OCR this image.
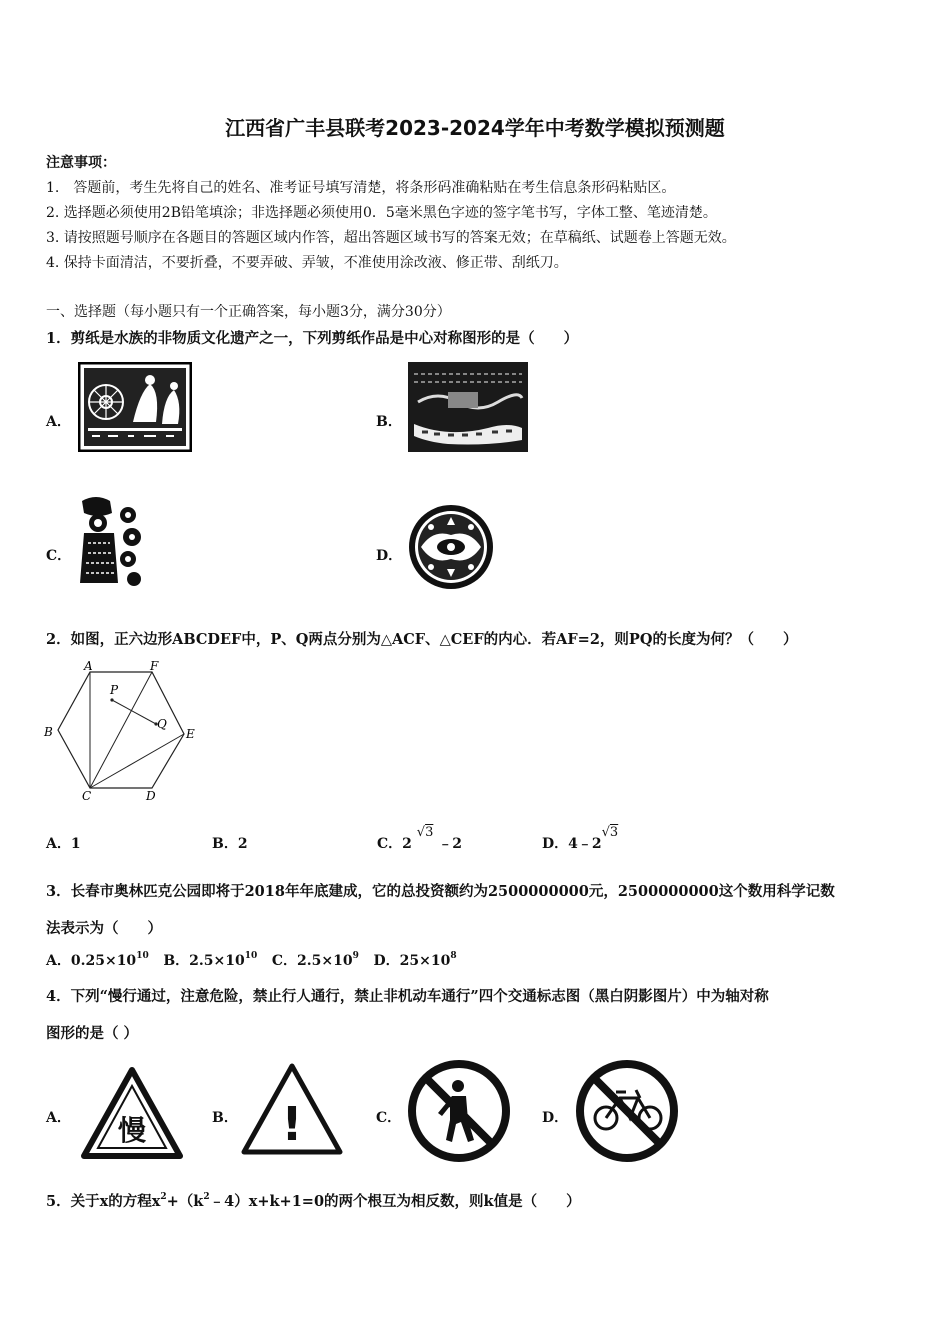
江西省广丰县联考2023-2024学年中考数学模拟预测题
注意事项：
1.　答题前，考生先将自己的姓名、准考证号填写清楚，将条形码准确粘贴在考生信息条形码粘贴区。
2. 选择题必须使用2B铅笔填涂；非选择题必须使用0．5毫米黑色字迹的签字笔书写，字体工整、笔迹清楚。
3. 请按照题号顺序在各题目的答题区域内作答，超出答题区域书写的答案无效；在草稿纸、试题卷上答题无效。
4. 保持卡面清洁，不要折叠，不要弄破、弄皱，不准使用涂改液、修正带、刮纸刀。
一、选择题（每小题只有一个正确答案，每小题3分，满分30分）
1．剪纸是水族的非物质文化遗产之一，下列剪纸作品是中心对称图形的是（　　）
A．	B．
C．	D．
2．如图，正六边形ABCDEF中，P、Q两点分别为△ACF、△CEF的内心．若AF=2，则PQ的长度为何？（　　）
A	F
B	E
C	D
P
Q
A．1	B．2	C．2 √3 ﹣2	D．4﹣2√3
3．长春市奥林匹克公园即将于2018年年底建成，它的总投资额约为2500000000元，2500000000这个数用科学记数
法表示为（　　）
A．$0.25\times 10^{10}$ B．$2.5\times 10^{10}$ C．$2.5\times 10^9$ D．$25\times 10^8$
4．下列“慢行通过，注意危险，禁止行人通行，禁止非机动车通行”四个交通标志图（黑白阴影图片）中为轴对称
图形的是（ ）
A． 慢	B． !	C．	D．
5．关于x的方程$x^2+(k^2﹣4)x+k+1=0$的两个根互为相反数，则k值是（　　）
